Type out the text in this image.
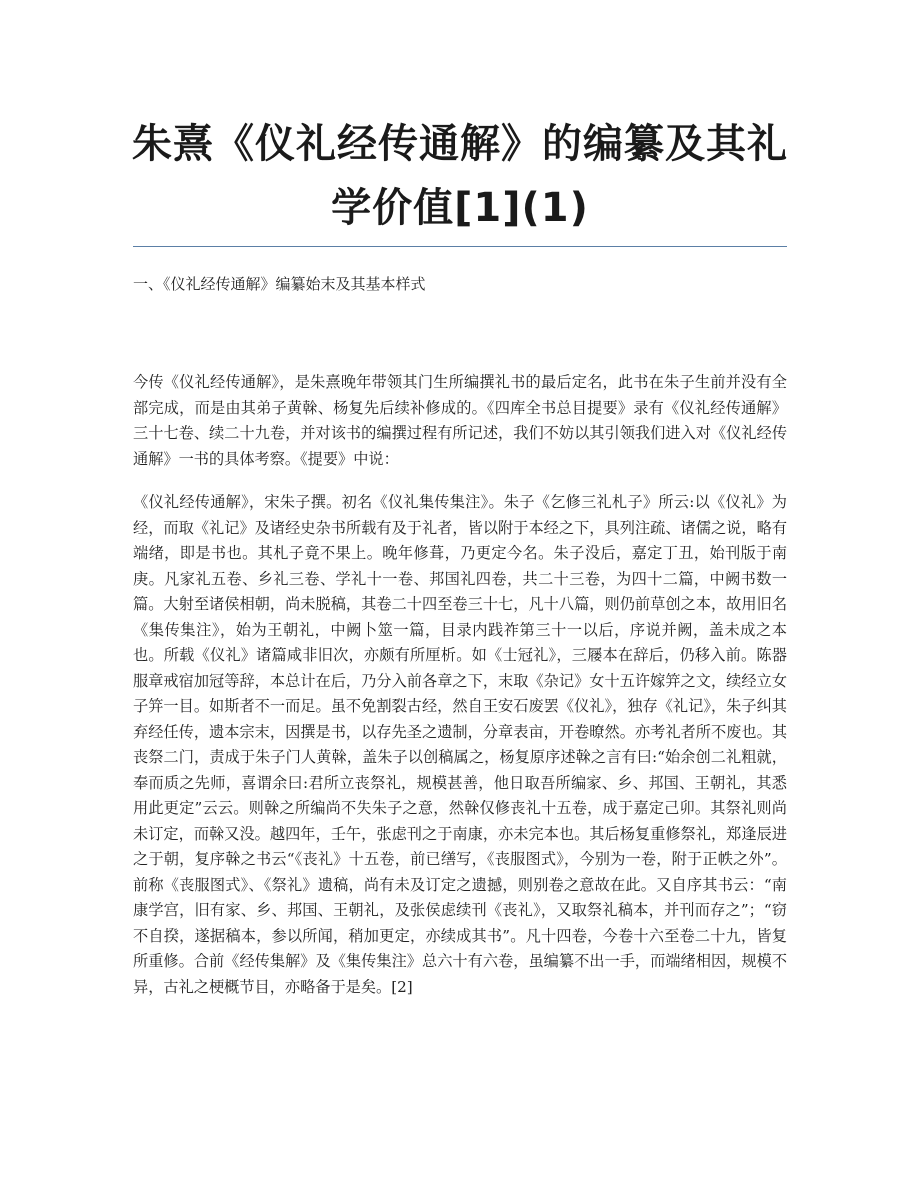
朱熹《仪礼经传通解》的编纂及其礼学价值[1](1)
一、《仪礼经传通解》编纂始末及其基本样式

今传《仪礼经传通解》，是朱熹晚年带领其门生所编撰礼书的最后定名，此书在朱子生前并没有全部完成，而是由其弟子黄榦、杨复先后续补修成的。《四库全书总目提要》录有《仪礼经传通解》三十七卷、续二十九卷，并对该书的编撰过程有所记述，我们不妨以其引领我们进入对《仪礼经传通解》一书的具体考察。《提要》中说：

《仪礼经传通解》，宋朱子撰。初名《仪礼集传集注》。朱子《乞修三礼札子》所云:以《仪礼》为经，而取《礼记》及诸经史杂书所载有及于礼者，皆以附于本经之下，具列注疏、诸儒之说，略有端绪，即是书也。其札子竟不果上。晚年修葺，乃更定今名。朱子没后，嘉定丁丑，始刊版于南庚。凡家礼五卷、乡礼三卷、学礼十一卷、邦国礼四卷，共二十三卷，为四十二篇，中阙书数一篇。大射至诸侯相朝，尚未脱稿，其卷二十四至卷三十七，凡十八篇，则仍前草创之本，故用旧名《集传集注》，始为王朝礼，中阙卜筮一篇，目录内践祚第三十一以后，序说并阙，盖未成之本也。所载《仪礼》诸篇咸非旧次，亦颇有所厘析。如《士冠礼》，三屦本在辞后，仍移入前。陈器服章戒宿加冠等辞，本总计在后，乃分入前各章之下，末取《杂记》女十五许嫁笄之文，续经立女子笄一目。如斯者不一而足。虽不免割裂古经，然自王安石废罢《仪礼》，独存《礼记》，朱子纠其弃经任传，遗本宗末，因撰是书，以存先圣之遗制，分章表亩，开卷暸然。亦考礼者所不废也。其丧祭二门，责成于朱子门人黄榦，盖朱子以创稿属之，杨复原序述榦之言有曰:“始余创二礼粗就，奉而质之先师，喜谓余曰:君所立丧祭礼，规模甚善，他日取吾所编家、乡、邦国、王朝礼，其悉用此更定”云云。则榦之所编尚不失朱子之意，然榦仅修丧礼十五卷，成于嘉定己卯。其祭礼则尚未订定，而榦又没。越四年，壬午，张虑刊之于南康，亦未完本也。其后杨复重修祭礼，郑逢辰进之于朝，复序榦之书云“《丧礼》十五卷，前已缮写，《丧服图式》，今别为一卷，附于正帙之外”。前称《丧服图式》、《祭礼》遗稿，尚有未及订定之遗撼，则别卷之意故在此。又自序其书云：“南康学宫，旧有家、乡、邦国、王朝礼，及张侯虑续刊《丧礼》，又取祭礼稿本，并刊而存之”；“窃不自揆，遂据稿本，参以所闻，稍加更定，亦续成其书”。凡十四卷，今卷十六至卷二十九，皆复所重修。合前《经传集解》及《集传集注》总六十有六卷，虽编纂不出一手，而端绪相因，规模不异，古礼之梗概节目，亦略备于是矣。[2]
